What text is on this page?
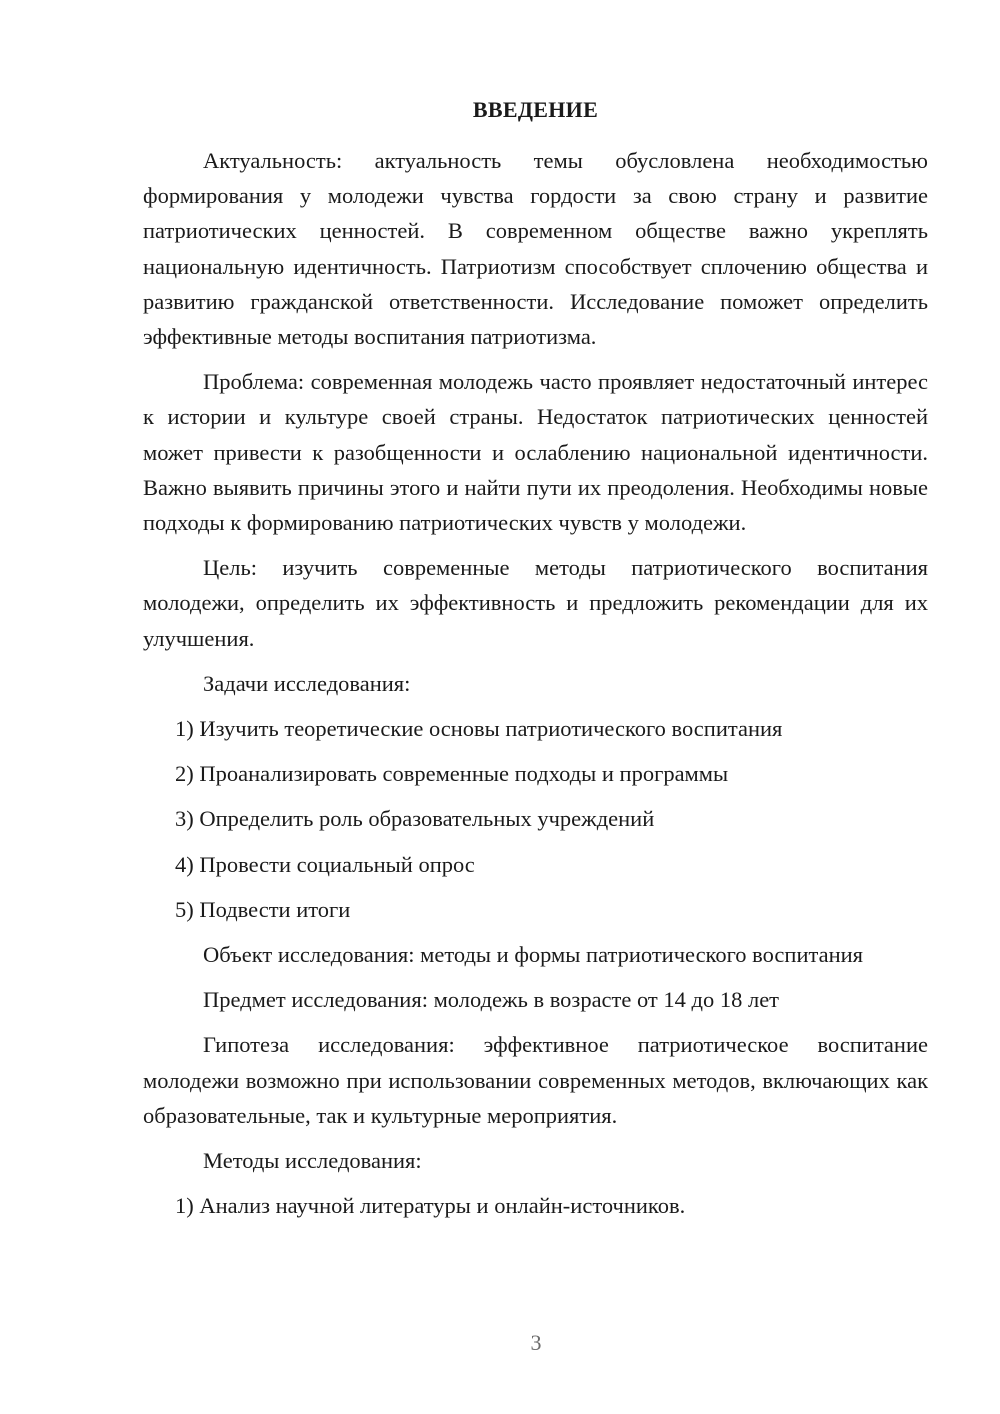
ВВЕДЕНИЕ

Актуальность: актуальность темы обусловлена необходимостью формирования у молодежи чувства гордости за свою страну и развитие патриотических ценностей. В современном обществе важно укреплять национальную идентичность. Патриотизм способствует сплочению общества и развитию гражданской ответственности. Исследование поможет определить эффективные методы воспитания патриотизма.

Проблема: современная молодежь часто проявляет недостаточный интерес к истории и культуре своей страны. Недостаток патриотических ценностей может привести к разобщенности и ослаблению национальной идентичности. Важно выявить причины этого и найти пути их преодоления. Необходимы новые подходы к формированию патриотических чувств у молодежи.

Цель: изучить современные методы патриотического воспитания молодежи, определить их эффективность и предложить рекомендации для их улучшения.

Задачи исследования:

1) Изучить теоретические основы патриотического воспитания
2) Проанализировать современные подходы и программы
3) Определить роль образовательных учреждений
4) Провести социальный опрос
5) Подвести итоги

Объект исследования: методы и формы патриотического воспитания

Предмет исследования: молодежь в возрасте от 14 до 18 лет

Гипотеза исследования: эффективное патриотическое воспитание молодежи возможно при использовании современных методов, включающих как образовательные, так и культурные мероприятия.

Методы исследования:

1) Анализ научной литературы и онлайн-источников.
3
